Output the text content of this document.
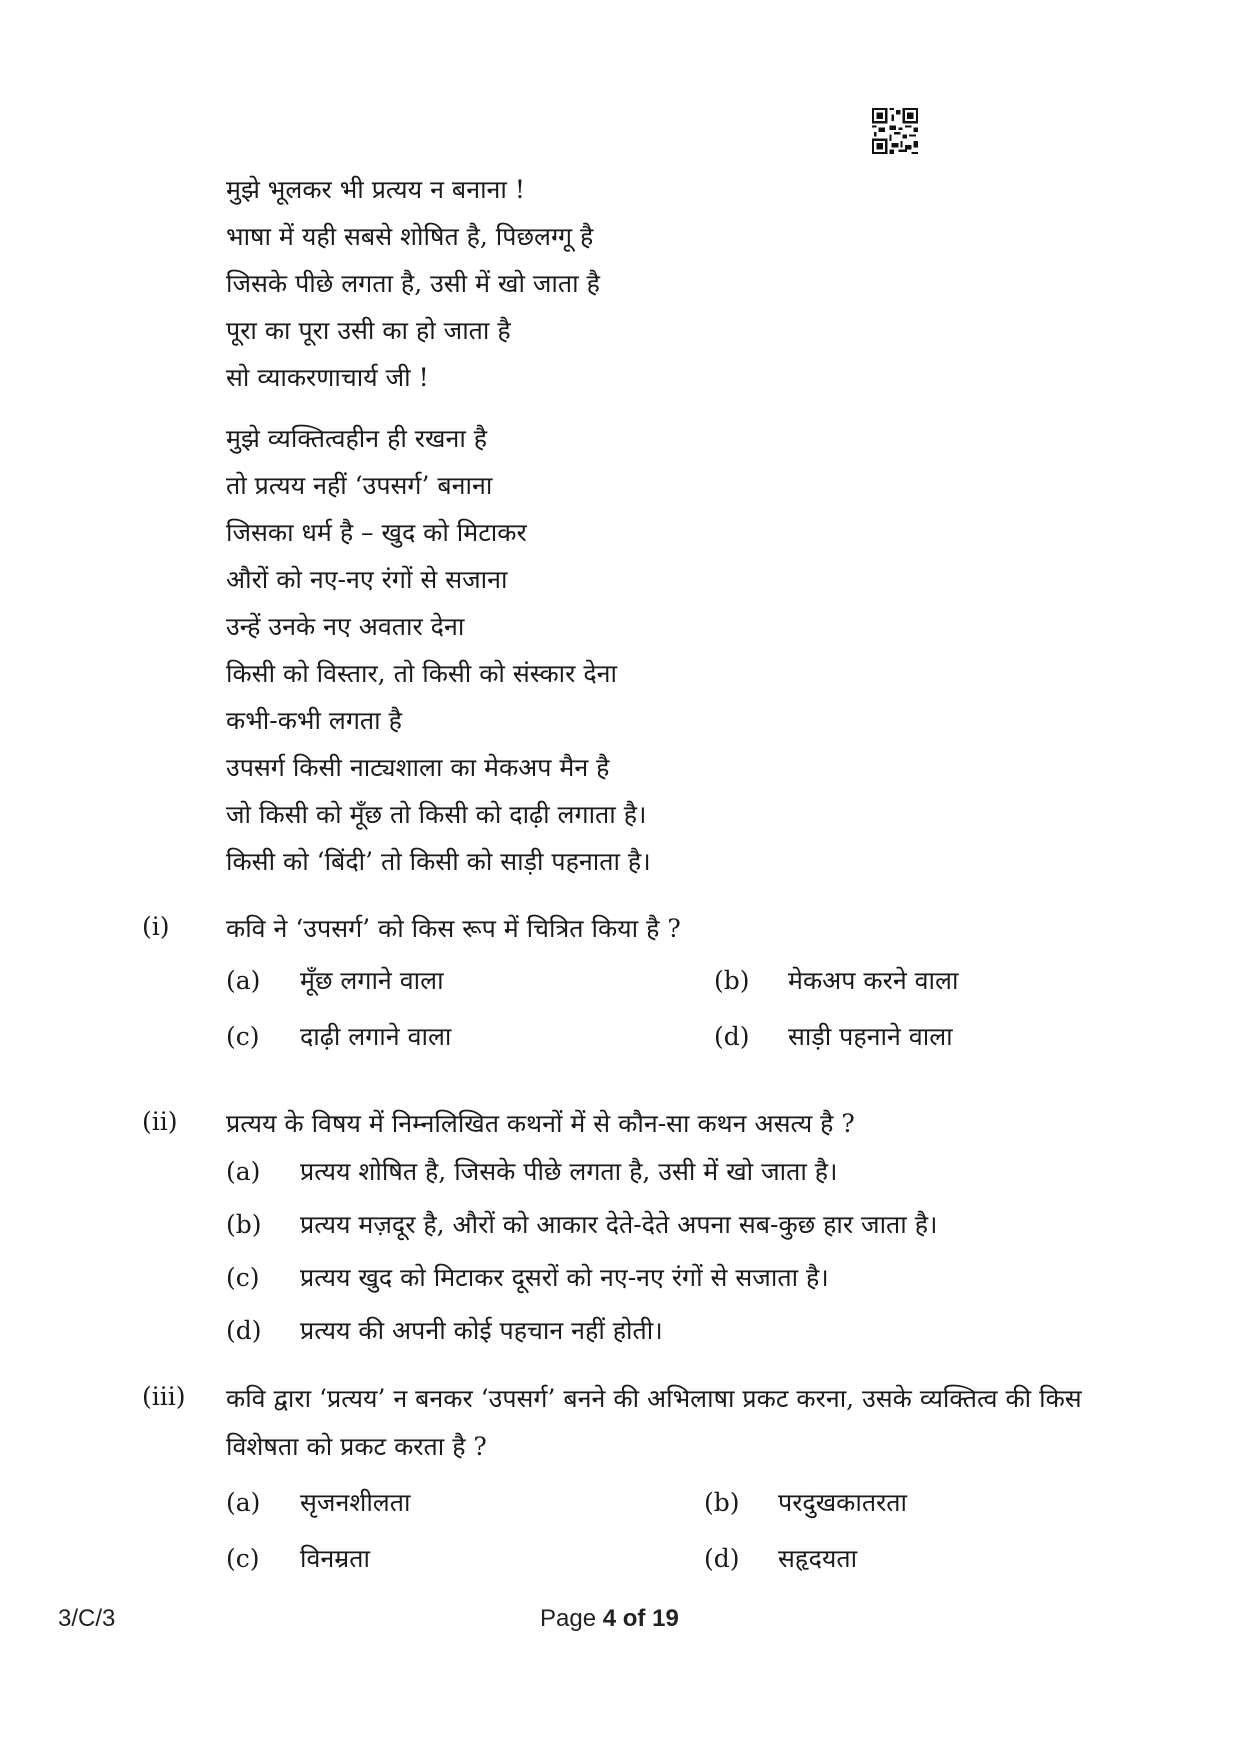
मुझे भूलकर भी प्रत्यय न बनाना !
भाषा में यही सबसे शोषित है, पिछलग्गू है
जिसके पीछे लगता है, उसी में खो जाता है
पूरा का पूरा उसी का हो जाता है
सो व्याकरणाचार्य जी !
मुझे व्यक्तित्वहीन ही रखना है
तो प्रत्यय नहीं ‘उपसर्ग’ बनाना
जिसका धर्म है – खुद को मिटाकर
औरों को नए-नए रंगों से सजाना
उन्हें उनके नए अवतार देना
किसी को विस्तार, तो किसी को संस्कार देना
कभी-कभी लगता है
उपसर्ग किसी नाट्यशाला का मेकअप मैन है
जो किसी को मूँछ तो किसी को दाढ़ी लगाता है।
किसी को ‘बिंदी’ तो किसी को साड़ी पहनाता है।
(i) कवि ने ‘उपसर्ग’ को किस रूप में चित्रित किया है ?
(a) मूँछ लगाने वाला	(b) मेकअप करने वाला
(c) दाढ़ी लगाने वाला	(d) साड़ी पहनाने वाला
(ii) प्रत्यय के विषय में निम्नलिखित कथनों में से कौन-सा कथन असत्य है ?
(a) प्रत्यय शोषित है, जिसके पीछे लगता है, उसी में खो जाता है।
(b) प्रत्यय मज़दूर है, औरों को आकार देते-देते अपना सब-कुछ हार जाता है।
(c) प्रत्यय खुद को मिटाकर दूसरों को नए-नए रंगों से सजाता है।
(d) प्रत्यय की अपनी कोई पहचान नहीं होती।
(iii) कवि द्वारा ‘प्रत्यय’ न बनकर ‘उपसर्ग’ बनने की अभिलाषा प्रकट करना, उसके व्यक्तित्व की किस विशेषता को प्रकट करता है ?
(a) सृजनशीलता	(b) परदुखकातरता
(c) विनम्रता	(d) सहृदयता
3/C/3	Page 4 of 19
